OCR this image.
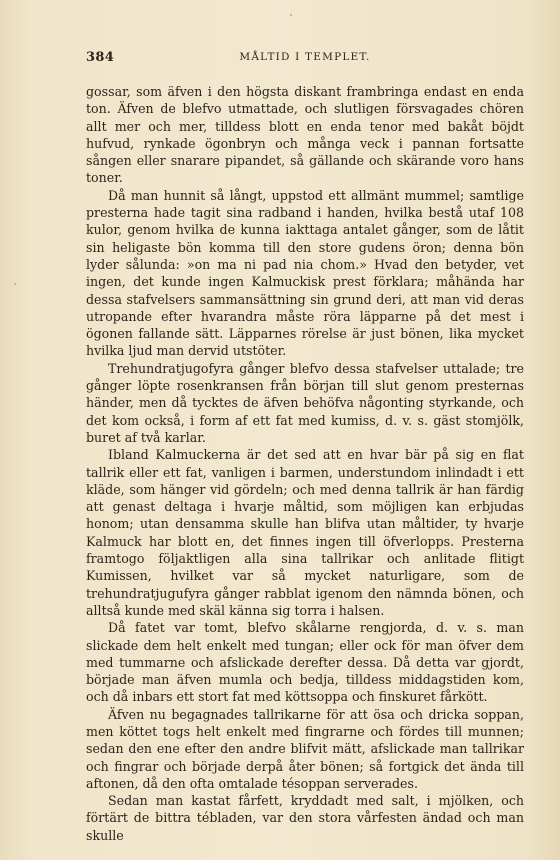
384	MÅLTID I TEMPLET.

gossar, som äfven i den högsta diskant frambringa endast en enda ton. Äfven de blefvo utmattade, och slutligen försvagades chören allt mer och mer, tilldess blott en enda tenor med bakåt böjdt hufvud, rynkade ögonbryn och många veck i pannan fortsatte sången eller snarare pipandet, så gällande och skärande voro hans toner.

Då man hunnit så långt, uppstod ett allmänt mummel; samtlige presterna hade tagit sina radband i handen, hvilka bestå utaf 108 kulor, genom hvilka de kunna iakttaga antalet gånger, som de låtit sin heligaste bön komma till den store gudens öron; denna bön lyder sålunda: »on ma ni pad nia chom.» Hvad den betyder, vet ingen, det kunde ingen Kalmuckisk prest förklara; måhända har dessa stafvelsers sammansättning sin grund deri, att man vid deras utropande efter hvarandra måste röra läpparne på det mest i ögonen fallande sätt. Läpparnes rörelse är just bönen, lika mycket hvilka ljud man dervid utstöter.

Trehundratjugofyra gånger blefvo dessa stafvelser uttalade; tre gånger löpte rosenkransen från början till slut genom presternas händer, men då tycktes de äfven behöfva någonting styrkande, och det kom också, i form af ett fat med kumiss, d. v. s. gäst stomjölk, buret af två karlar.

Ibland Kalmuckerna är det sed att en hvar bär på sig en flat tallrik eller ett fat, vanligen i barmen, understundom inlindadt i ett kläde, som hänger vid gördeln; och med denna tallrik är han färdig att genast deltaga i hvarje måltid, som möjligen kan erbjudas honom; utan densamma skulle han blifva utan måltider, ty hvarje Kalmuck har blott en, det finnes ingen till öfverlopps. Presterna framtogo följaktligen alla sina tallrikar och anlitade flitigt Kumissen, hvilket var så mycket naturligare, som de trehundratjugufyra gånger rabblat igenom den nämnda bönen, och alltså kunde med skäl känna sig torra i halsen.

Då fatet var tomt, blefvo skålarne rengjorda, d. v. s. man slickade dem helt enkelt med tungan; eller ock för man öfver dem med tummarne och afslickade derefter dessa. Då detta var gjordt, började man äfven mumla och bedja, tilldess middagstiden kom, och då inbars ett stort fat med köttsoppa och finskuret fårkött.

Äfven nu begagnades tallrikarne för att ösa och dricka soppan, men köttet togs helt enkelt med fingrarne och fördes till munnen; sedan den ene efter den andre blifvit mätt, afslickade man tallrikar och fingrar och började derpå åter bönen; så fortgick det ända till aftonen, då den ofta omtalade tésoppan serverades.

Sedan man kastat fårfett, kryddadt med salt, i mjölken, och förtärt de bittra tébladen, var den stora vårfesten ändad och man skulle
